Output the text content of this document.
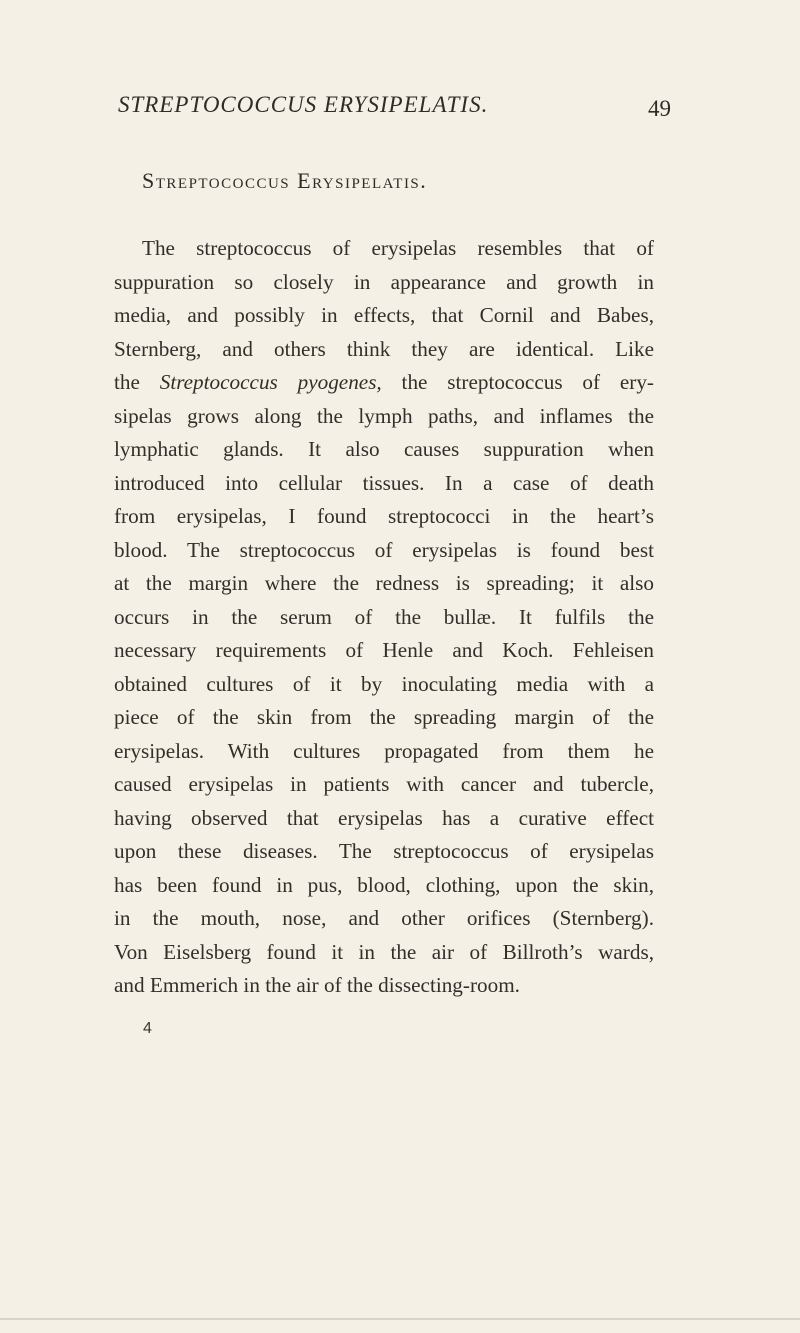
STREPTOCOCCUS ERYSIPELATIS.	49
Streptococcus Erysipelatis.
The streptococcus of erysipelas resembles that of
suppuration so closely in appearance and growth in
media, and possibly in effects, that Cornil and Babes,
Sternberg, and others think they are identical. Like
the Streptococcus pyogenes, the streptococcus of ery-
sipelas grows along the lymph paths, and inflames the
lymphatic glands. It also causes suppuration when
introduced into cellular tissues. In a case of death
from erysipelas, I found streptococci in the heart’s
blood. The streptococcus of erysipelas is found best
at the margin where the redness is spreading; it also
occurs in the serum of the bullæ. It fulfils the
necessary requirements of Henle and Koch. Fehleisen
obtained cultures of it by inoculating media with a
piece of the skin from the spreading margin of the
erysipelas. With cultures propagated from them he
caused erysipelas in patients with cancer and tubercle,
having observed that erysipelas has a curative effect
upon these diseases. The streptococcus of erysipelas
has been found in pus, blood, clothing, upon the skin,
in the mouth, nose, and other orifices (Sternberg).
Von Eiselsberg found it in the air of Billroth’s wards,
and Emmerich in the air of the dissecting-room.
4
